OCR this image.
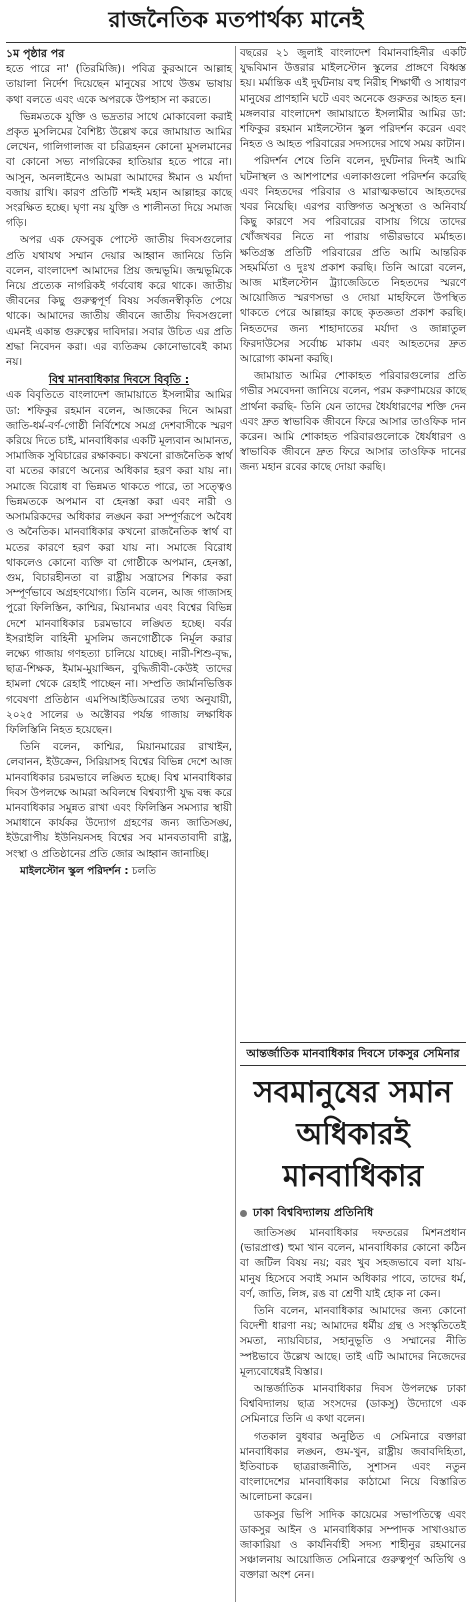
রাজনৈতিক মতপার্থক্য মানেই
১ম পৃষ্ঠার পর

হতে পারে না' (তিরমিজি)। পবিত্র কুরআনে আল্লাহ তায়ালা নির্দেশ দিয়েছেন মানুষের সাথে উত্তম ভাষায় কথা বলতে এবং একে অপরকে উপহাস না করতে।

ভিন্নমতকে যুক্তি ও ভদ্রতার সাথে মোকাবেলা করাই প্রকৃত মুসলিমের বৈশিষ্ট্য উল্লেখ করে জামায়াত আমির লেখেন, গালিগালাজ বা চরিত্রহনন কোনো মুসলমানের বা কোনো সভ্য নাগরিকের হাতিয়ার হতে পারে না। আসুন, অনলাইনেও আমরা আমাদের ঈমান ও মর্যাদা বজায় রাখি। কারণ প্রতিটি শব্দই মহান আল্লাহর কাছে সংরক্ষিত হচ্ছে। ঘৃণা নয় যুক্তি ও শালীনতা দিয়ে সমাজ গড়ি।

অপর এক ফেসবুক পোস্টে জাতীয় দিবসগুলোর প্রতি যথাযথ সম্মান দেয়ার আহ্বান জানিয়ে তিনি বলেন, বাংলাদেশ আমাদের প্রিয় জন্মভূমি। জন্মভূমিকে নিয়ে প্রত্যেক নাগরিকই গর্ববোধ করে থাকে। জাতীয় জীবনের কিছু গুরুত্বপূর্ণ বিষয় সর্বজনস্বীকৃতি পেয়ে থাকে। আমাদের জাতীয় জীবনে জাতীয় দিবসগুলো এমনই একান্ত গুরুত্বের দাবিদার। সবার উচিত এর প্রতি শ্রদ্ধা নিবেদন করা। এর ব্যতিক্রম কোনোভাবেই কাম্য নয়।

বিশ্ব মানবাধিকার দিবসে বিবৃতি :

এক বিবৃতিতে বাংলাদেশ জামায়াতে ইসলামীর আমির ডা: শফিকুর রহমান বলেন, আজকের দিনে আমরা জাতি-ধর্ম-বর্ণ-গোষ্ঠী নির্বিশেষে সমগ্র দেশবাসীকে স্মরণ করিয়ে দিতে চাই, মানবাধিকার একটি মূল্যবান আমানত, সামাজিক সুবিচারের রক্ষাকবচ। কখনো রাজনৈতিক স্বার্থ বা মতের কারণে অন্যের অধিকার হরণ করা যায় না। সমাজে বিরোধ বা ভিন্নমত থাকতে পারে, তা সত্ত্বেও ভিন্নমতকে অপমান বা হেনস্তা করা এবং নারী ও অসামরিকদের অধিকার লঙ্ঘন করা সম্পূর্ণরূপে অবৈধ ও অনৈতিক। মানবাধিকার কখনো রাজনৈতিক স্বার্থ বা মতের কারণে হরণ করা যায় না। সমাজে বিরোধ থাকলেও কোনো ব্যক্তি বা গোষ্ঠীকে অপমান, হেনস্তা, গুম, বিচারহীনতা বা রাষ্ট্রীয় সন্ত্রাসের শিকার করা সম্পূর্ণভাবে অগ্রহণযোগ্য। তিনি বলেন, আজ গাজাসহ পুরো ফিলিস্তিন, কাশ্মির, মিয়ানমার এবং বিশ্বের বিভিন্ন দেশে মানবাধিকার চরমভাবে লঙ্ঘিত হচ্ছে। বর্বর ইসরাইলি বাহিনী মুসলিম জনগোষ্ঠীকে নির্মূল করার লক্ষ্যে গাজায় গণহত্যা চালিয়ে যাচ্ছে। নারী-শিশু-বৃদ্ধ, ছাত্র-শিক্ষক, ইমাম-মুয়াজ্জিন, বুদ্ধিজীবী-কেউই তাদের হামলা থেকে রেহাই পাচ্ছেন না। সম্প্রতি জার্মানভিত্তিক গবেষণা প্রতিষ্ঠান এমপিআইডিআরের তথ্য অনুযায়ী, ২০২৫ সালের ৬ অক্টোবর পর্যন্ত গাজায় লক্ষাধিক ফিলিস্তিনি নিহত হয়েছেন।

তিনি বলেন, কাশ্মির, মিয়ানমারের রাখাইন, লেবানন, ইউক্রেন, সিরিয়াসহ বিশ্বের বিভিন্ন দেশে আজ মানবাধিকার চরমভাবে লঙ্ঘিত হচ্ছে। বিশ্ব মানবাধিকার দিবস উপলক্ষে আমরা অবিলম্বে বিশ্বব্যাপী যুদ্ধ বন্ধ করে মানবাধিকার সমুন্নত রাখা এবং ফিলিস্তিন সমস্যার স্থায়ী সমাধানে কার্যকর উদ্যোগ গ্রহণের জন্য জাতিসঙ্ঘ, ইউরোপীয় ইউনিয়নসহ বিশ্বের সব মানবতাবাদী রাষ্ট্র, সংস্থা ও প্রতিষ্ঠানের প্রতি জোর আহ্বান জানাচ্ছি।

মাইলস্টোন স্কুল পরিদর্শন : চলতি

বছরের ২১ জুলাই বাংলাদেশ বিমানবাহিনীর একটি যুদ্ধবিমান উত্তরার মাইলস্টোন স্কুলের প্রাঙ্গণে বিধ্বস্ত হয়। মর্মান্তিক এই দুর্ঘটনায় বহু নিরীহ শিক্ষার্থী ও সাধারণ মানুষের প্রাণহানি ঘটে এবং অনেকে গুরুতর আহত হন। মঙ্গলবার বাংলাদেশ জামায়াতে ইসলামীর আমির ডা: শফিকুর রহমান মাইলস্টোন স্কুল পরিদর্শন করেন এবং নিহত ও আহত পরিবারের সদস্যদের সাথে সময় কাটান।

পরিদর্শন শেষে তিনি বলেন, দুর্ঘটনার দিনই আমি ঘটনাস্থল ও আশপাশের এলাকাগুলো পরিদর্শন করেছি এবং নিহতদের পরিবার ও মারাত্মকভাবে আহতদের খবর নিয়েছি। এরপর ব্যক্তিগত অসুস্থতা ও অনিবার্য কিছু কারণে সব পরিবারের বাসায় গিয়ে তাদের খোঁজখবর নিতে না পারায় গভীরভাবে মর্মাহত। ক্ষতিগ্রস্ত প্রতিটি পরিবারের প্রতি আমি আন্তরিক সহমর্মিতা ও দুঃখ প্রকাশ করছি। তিনি আরো বলেন, আজ মাইলস্টোন ট্র্যাজেডিতে নিহতদের স্মরণে আয়োজিত স্মরণসভা ও দোয়া মাহফিলে উপস্থিত থাকতে পেরে আল্লাহর কাছে কৃতজ্ঞতা প্রকাশ করছি। নিহতদের জন্য শাহাদাতের মর্যাদা ও জান্নাতুল ফিরদাউসের সর্বোচ্চ মাকাম এবং আহতদের দ্রুত আরোগ্য কামনা করছি।

জামায়াত আমির শোকাহত পরিবারগুলোর প্রতি গভীর সমবেদনা জানিয়ে বলেন, পরম করুণাময়ের কাছে প্রার্থনা করছি- তিনি যেন তাদের ধৈর্যধারণের শক্তি দেন এবং দ্রুত স্বাভাবিক জীবনে ফিরে আসার তাওফিক দান করেন। আমি শোকাহত পরিবারগুলোকে ধৈর্যধারণ ও স্বাভাবিক জীবনে দ্রুত ফিরে আসার তাওফিক দানের জন্য মহান রবের কাছে দোয়া করছি।

আন্তর্জাতিক মানবাধিকার দিবসে ঢাকসুর সেমিনার
সবমানুষের সমান
অধিকারই
মানবাধিকার
ঢাকা বিশ্ববিদ্যালয় প্রতিনিধি

জাতিসঙ্ঘ মানবাধিকার দফতরের মিশনপ্রধান (ভারপ্রাপ্ত) হুমা খান বলেন, মানবাধিকার কোনো কঠিন বা জটিল বিষয় নয়; বরং খুব সহজভাবে বলা যায়- মানুষ হিসেবে সবাই সমান অধিকার পাবে, তাদের ধর্ম, বর্ণ, জাতি, লিঙ্গ, রঙ বা শ্রেণী যাই হোক না কেন।

তিনি বলেন, মানবাধিকার আমাদের জন্য কোনো বিদেশী ধারণা নয়; আমাদের ধর্মীয় গ্রন্থ ও সংস্কৃতিতেই সমতা, ন্যায়বিচার, সহানুভূতি ও সম্মানের নীতি স্পষ্টভাবে উল্লেখ আছে। তাই এটি আমাদের নিজেদের মূল্যবোধেরই বিস্তার।

আন্তর্জাতিক মানবাধিকার দিবস উপলক্ষে ঢাকা বিশ্ববিদ্যালয় ছাত্র সংসদের (ডাকসু) উদ্যোগে এক সেমিনারে তিনি এ কথা বলেন।

গতকাল বুধবার অনুষ্ঠিত এ সেমিনারে বক্তারা মানবাধিকার লঙ্ঘন, গুম-খুন, রাষ্ট্রীয় জবাবদিহিতা, ইতিবাচক ছাত্ররাজনীতি, সুশাসন এবং নতুন বাংলাদেশের মানবাধিকার কাঠামো নিয়ে বিস্তারিত আলোচনা করেন।

ডাকসুর ভিপি সাদিক কায়েমের সভাপতিত্বে এবং ডাকসুর আইন ও মানবাধিকার সম্পাদক সাখাওয়াত জাকারিয়া ও কার্যনির্বাহী সদস্য শাহীনুর রহমানের সঞ্চালনায় আয়োজিত সেমিনারে গুরুত্বপূর্ণ অতিথি ও বক্তারা অংশ নেন।
